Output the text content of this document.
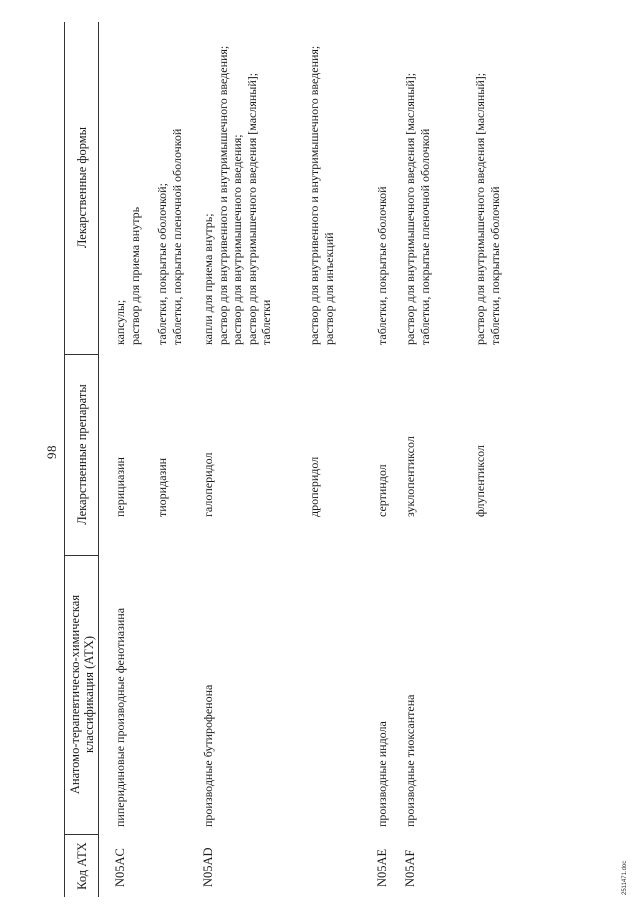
98
Код АТХ
Анатомо-терапевтическо-химическая классификация (АТХ)
Лекарственные препараты
Лекарственные формы
N05AC
пиперидиновые производные фенотиазина
перициазин
капсулы;
раствор для приема внутрь
тиоридазин
таблетки, покрытые оболочкой;
таблетки, покрытые пленочной оболочкой
N05AD
производные бутирофенона
галоперидол
капли для приема внутрь;
раствор для внутривенного и внутримышечного введения;
раствор для внутримышечного введения;
раствор для внутримышечного введения [масляный];
таблетки
дроперидол
раствор для внутривенного и внутримышечного введения;
раствор для инъекций
N05AE
производные индола
сертиндол
таблетки, покрытые оболочкой
N05AF
производные тиоксантена
зуклопентиксол
раствор для внутримышечного введения [масляный];
таблетки, покрытые пленочной оболочкой
флупентиксол
раствор для внутримышечного введения [масляный];
таблетки, покрытые оболочкой
2511471.doc
